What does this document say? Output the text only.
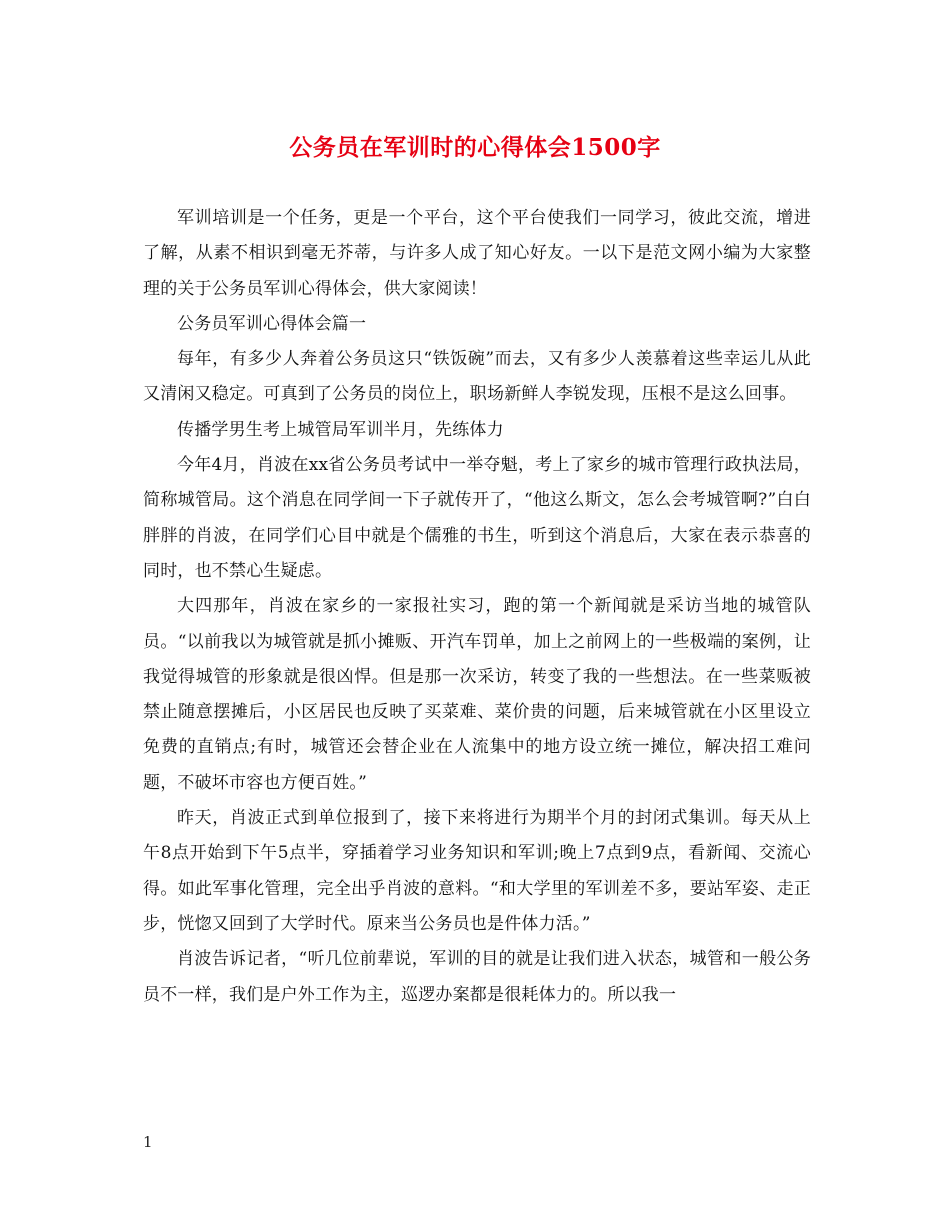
公务员在军训时的心得体会1500字

军训培训是一个任务，更是一个平台，这个平台使我们一同学习，彼此交流，增进了解，从素不相识到毫无芥蒂，与许多人成了知心好友。一以下是范文网小编为大家整理的关于公务员军训心得体会，供大家阅读！

公务员军训心得体会篇一

每年，有多少人奔着公务员这只“铁饭碗”而去，又有多少人羡慕着这些幸运儿从此又清闲又稳定。可真到了公务员的岗位上，职场新鲜人李锐发现，压根不是这么回事。

传播学男生考上城管局军训半月，先练体力

今年4月，肖波在xx省公务员考试中一举夺魁，考上了家乡的城市管理行政执法局，简称城管局。这个消息在同学间一下子就传开了，“他这么斯文，怎么会考城管啊?”白白胖胖的肖波，在同学们心目中就是个儒雅的书生，听到这个消息后，大家在表示恭喜的同时，也不禁心生疑虑。

大四那年，肖波在家乡的一家报社实习，跑的第一个新闻就是采访当地的城管队员。“以前我以为城管就是抓小摊贩、开汽车罚单，加上之前网上的一些极端的案例，让我觉得城管的形象就是很凶悍。但是那一次采访，转变了我的一些想法。在一些菜贩被禁止随意摆摊后，小区居民也反映了买菜难、菜价贵的问题，后来城管就在小区里设立免费的直销点;有时，城管还会替企业在人流集中的地方设立统一摊位，解决招工难问题，不破坏市容也方便百姓。”

昨天，肖波正式到单位报到了，接下来将进行为期半个月的封闭式集训。每天从上午8点开始到下午5点半，穿插着学习业务知识和军训;晚上7点到9点，看新闻、交流心得。如此军事化管理，完全出乎肖波的意料。“和大学里的军训差不多，要站军姿、走正步，恍惚又回到了大学时代。原来当公务员也是件体力活。”

肖波告诉记者，“听几位前辈说，军训的目的就是让我们进入状态，城管和一般公务员不一样，我们是户外工作为主，巡逻办案都是很耗体力的。所以我一

1
